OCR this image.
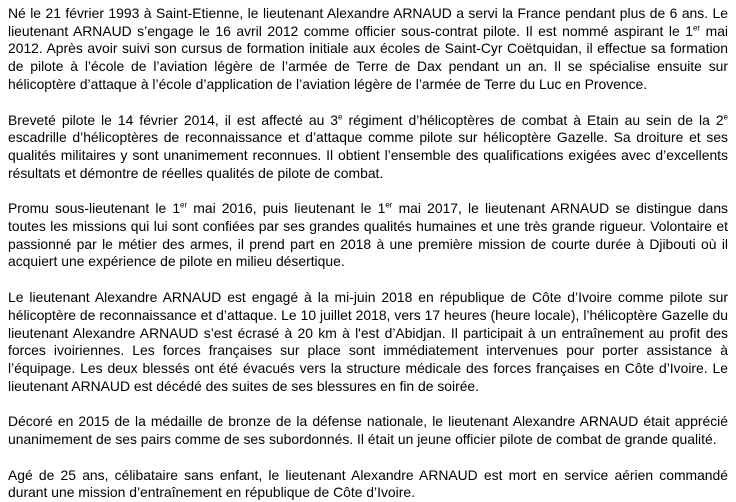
Né le 21 février 1993 à Saint-Etienne, le lieutenant Alexandre ARNAUD a servi la France pendant plus de 6 ans. Le lieutenant ARNAUD s’engage le 16 avril 2012 comme officier sous-contrat pilote. Il est nommé aspirant le 1er mai 2012. Après avoir suivi son cursus de formation initiale aux écoles de Saint-Cyr Coëtquidan, il effectue sa formation de pilote à l’école de l’aviation légère de l’armée de Terre de Dax pendant un an. Il se spécialise ensuite sur hélicoptère d’attaque à l’école d’application de l’aviation légère de l’armée de Terre du Luc en Provence.

Breveté pilote le 14 février 2014, il est affecté au 3e régiment d’hélicoptères de combat à Etain au sein de la 2e escadrille d’hélicoptères de reconnaissance et d’attaque comme pilote sur hélicoptère Gazelle. Sa droiture et ses qualités militaires y sont unanimement reconnues. Il obtient l’ensemble des qualifications exigées avec d’excellents résultats et démontre de réelles qualités de pilote de combat.

Promu sous-lieutenant le 1er mai 2016, puis lieutenant le 1er mai 2017, le lieutenant ARNAUD se distingue dans toutes les missions qui lui sont confiées par ses grandes qualités humaines et une très grande rigueur. Volontaire et passionné par le métier des armes, il prend part en 2018 à une première mission de courte durée à Djibouti où il acquiert une expérience de pilote en milieu désertique.

Le lieutenant Alexandre ARNAUD est engagé à la mi-juin 2018 en république de Côte d’Ivoire comme pilote sur hélicoptère de reconnaissance et d’attaque. Le 10 juillet 2018, vers 17 heures (heure locale), l’hélicoptère Gazelle du lieutenant Alexandre ARNAUD s’est écrasé à 20 km à l'est d’Abidjan. Il participait à un entraînement au profit des forces ivoiriennes. Les forces françaises sur place sont immédiatement intervenues pour porter assistance à l’équipage. Les deux blessés ont été évacués vers la structure médicale des forces françaises en Côte d’Ivoire. Le lieutenant ARNAUD est décédé des suites de ses blessures en fin de soirée.

Décoré en 2015 de la médaille de bronze de la défense nationale, le lieutenant Alexandre ARNAUD était apprécié unanimement de ses pairs comme de ses subordonnés. Il était un jeune officier pilote de combat de grande qualité.

Agé de 25 ans, célibataire sans enfant, le lieutenant Alexandre ARNAUD est mort en service aérien commandé durant une mission d’entraînement en république de Côte d’Ivoire.
